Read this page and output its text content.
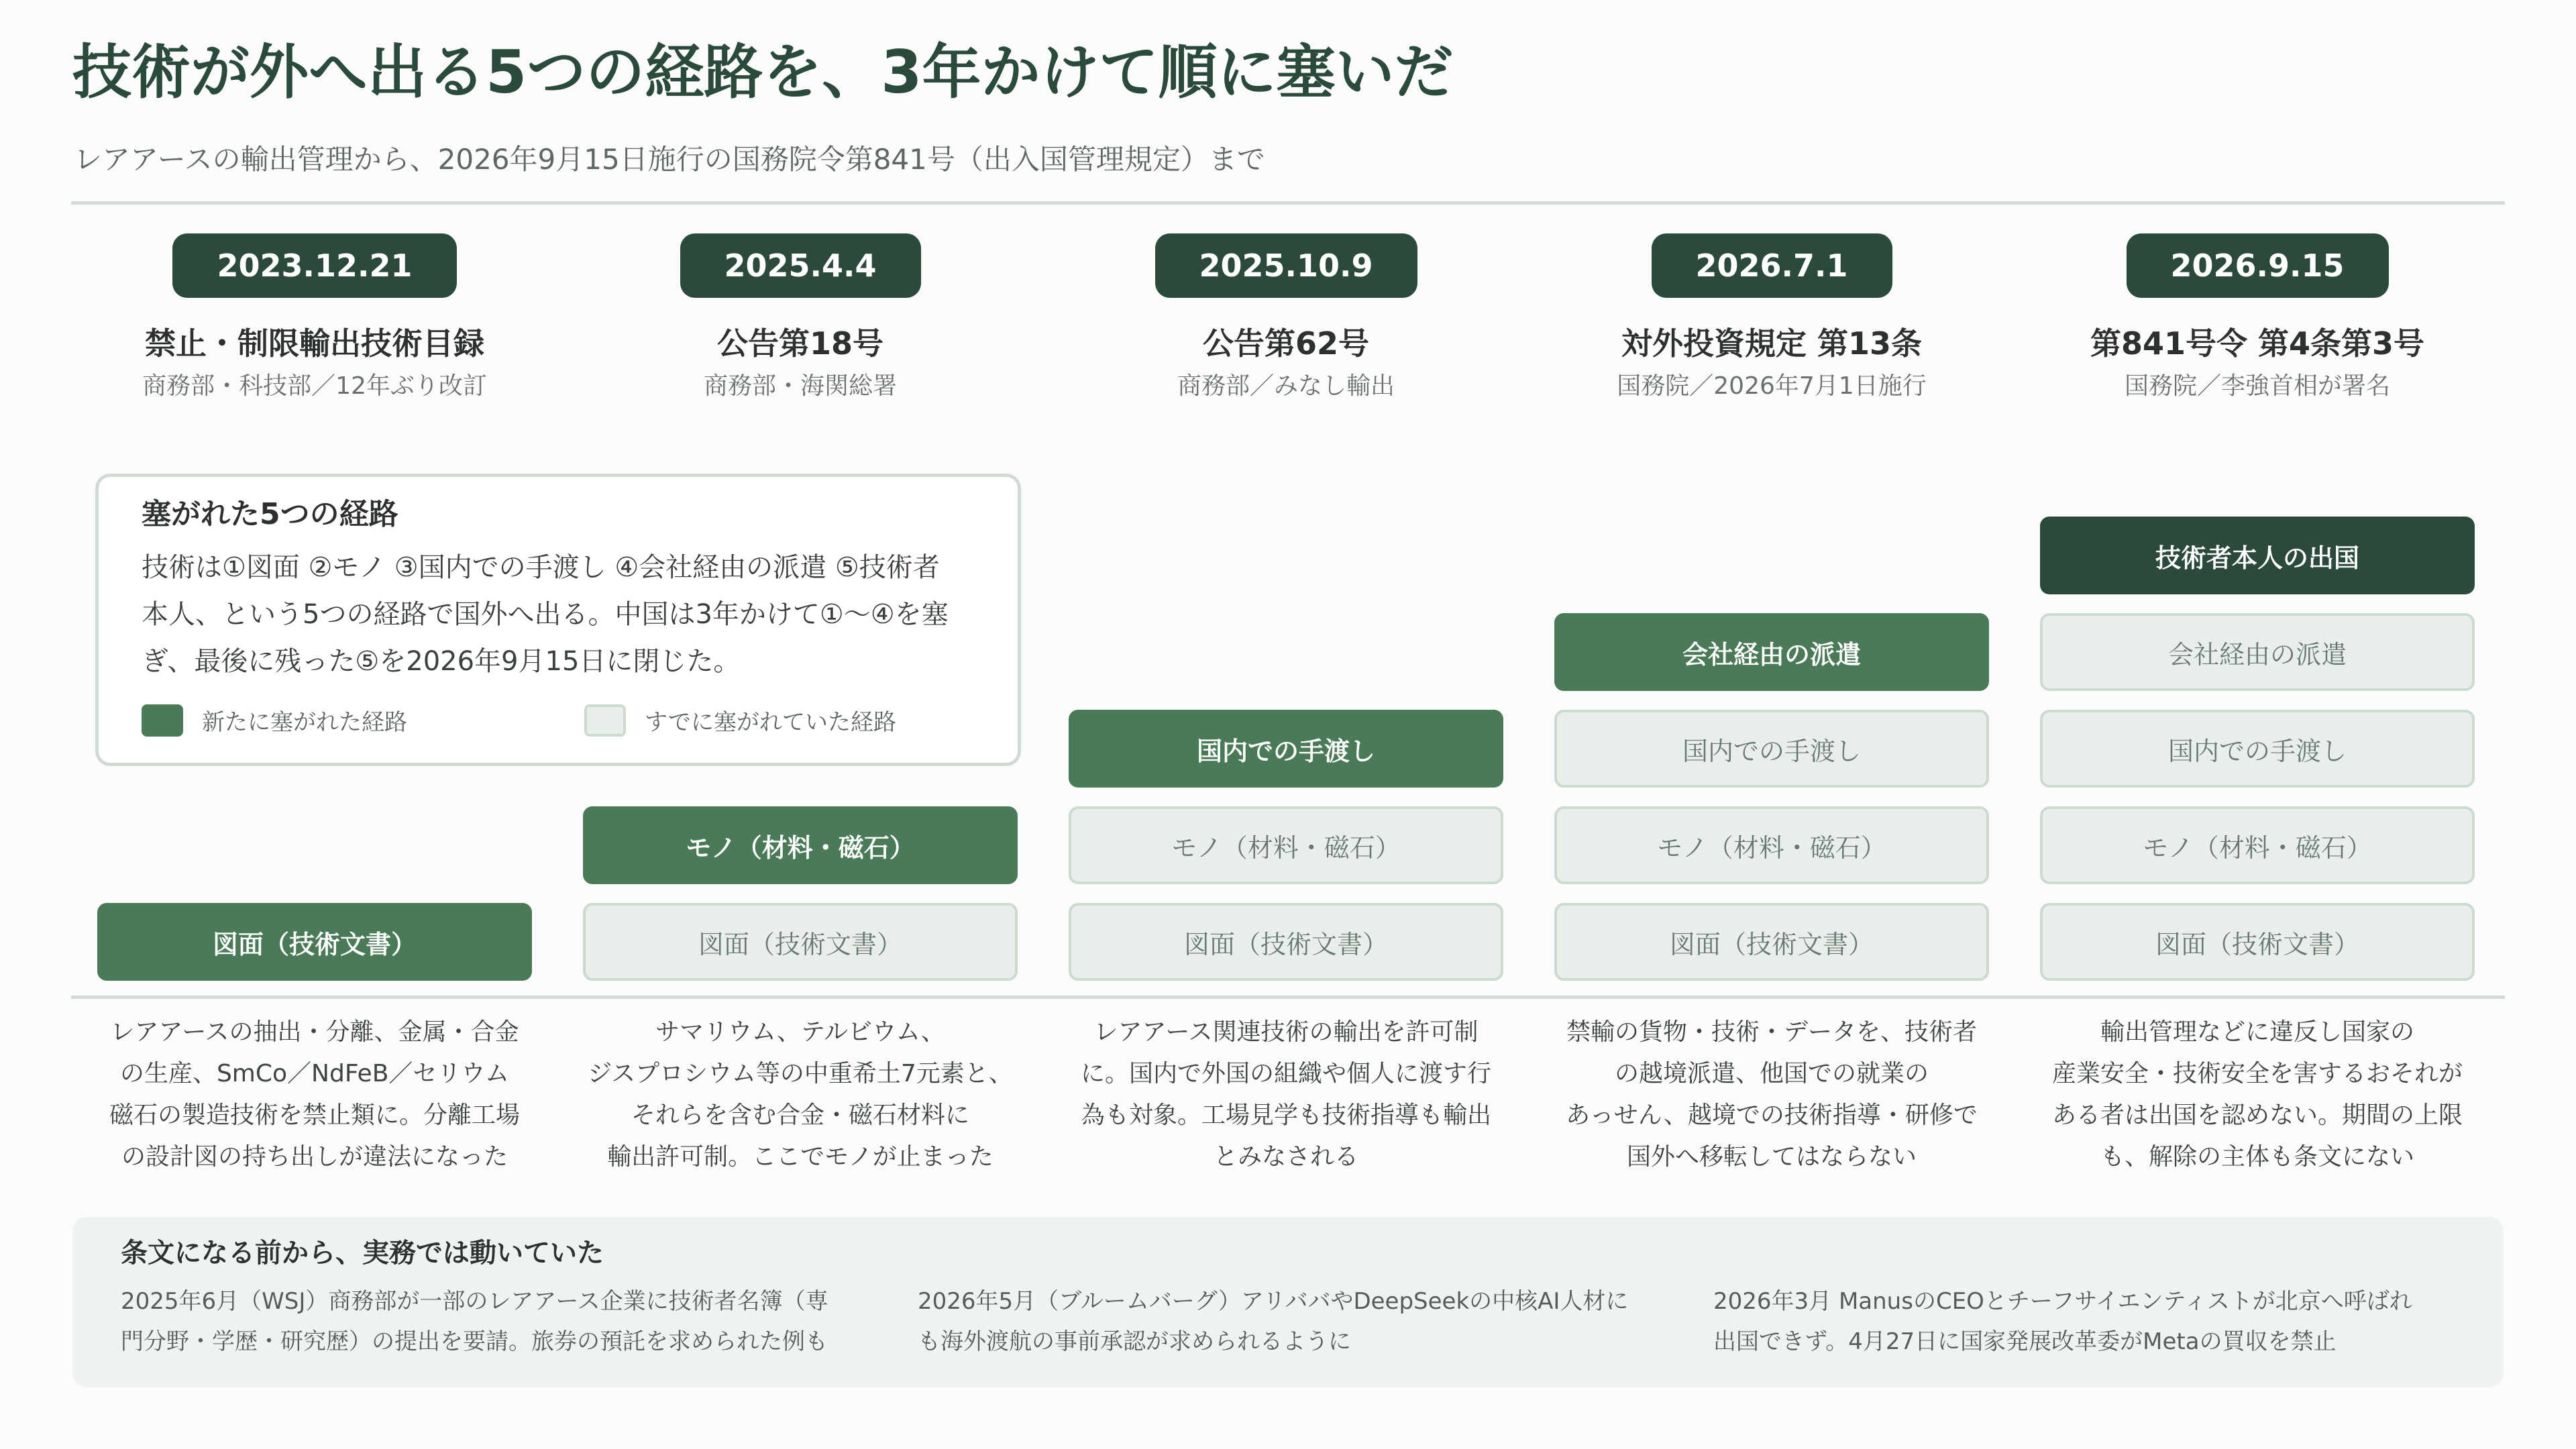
技術が外へ出る5つの経路を、3年かけて順に塞いだ
レアアースの輸出管理から、2026年9月15日施行の国務院令第841号（出入国管理規定）まで
2023.12.21
禁止・制限輸出技術目録
商務部・科技部／12年ぶり改訂
2025.4.4
公告第18号
商務部・海関総署
2025.10.9
公告第62号
商務部／みなし輸出
2026.7.1
対外投資規定 第13条
国務院／2026年7月1日施行
2026.9.15
第841号令 第4条第3号
国務院／李強首相が署名
塞がれた5つの経路
技術は①図面 ②モノ ③国内での手渡し ④会社経由の派遣 ⑤技術者
本人、という5つの経路で国外へ出る。中国は3年かけて①〜④を塞
ぎ、最後に残った⑤を2026年9月15日に閉じた。
新たに塞がれた経路	すでに塞がれていた経路
図面（技術文書）	図面（技術文書）
モノ（材料・磁石）
図面（技術文書）
モノ（材料・磁石）
国内での手渡し
図面（技術文書）
モノ（材料・磁石）
国内での手渡し
会社経由の派遣
図面（技術文書）
モノ（材料・磁石）
国内での手渡し
会社経由の派遣
技術者本人の出国
レアアースの抽出・分離、金属・合金
の生産、SmCo／NdFeB／セリウム
磁石の製造技術を禁止類に。分離工場
の設計図の持ち出しが違法になった
サマリウム、テルビウム、
ジスプロシウム等の中重希土7元素と、
それらを含む合金・磁石材料に
輸出許可制。ここでモノが止まった
レアアース関連技術の輸出を許可制
に。国内で外国の組織や個人に渡す行
為も対象。工場見学も技術指導も輸出
とみなされる
禁輸の貨物・技術・データを、技術者
の越境派遣、他国での就業の
あっせん、越境での技術指導・研修で
国外へ移転してはならない
輸出管理などに違反し国家の
産業安全・技術安全を害するおそれが
ある者は出国を認めない。期間の上限
も、解除の主体も条文にない
条文になる前から、実務では動いていた
2025年6月（WSJ）商務部が一部のレアアース企業に技術者名簿（専
門分野・学歴・研究歴）の提出を要請。旅券の預託を求められた例も
2026年5月（ブルームバーグ）アリババやDeepSeekの中核AI人材に
も海外渡航の事前承認が求められるように
2026年3月 ManusのCEOとチーフサイエンティストが北京へ呼ばれ
出国できず。4月27日に国家発展改革委がMetaの買収を禁止
